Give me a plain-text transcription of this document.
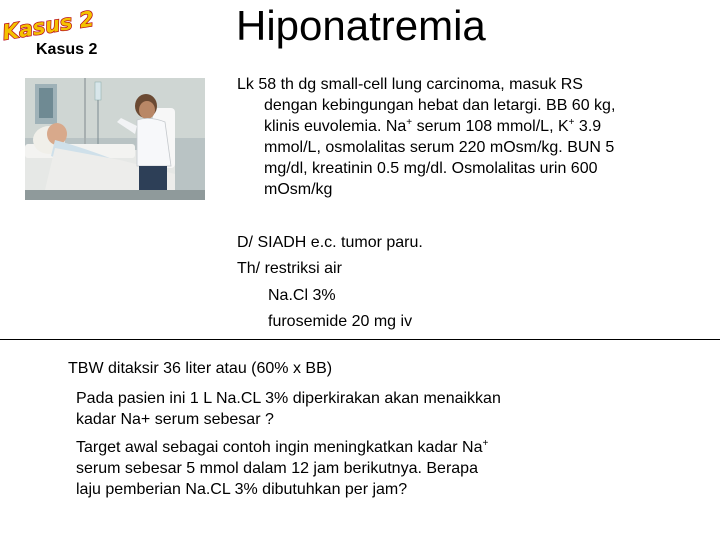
Kasus 2
Kasus 2
Hiponatremia
Lk 58 th dg small-cell lung carcinoma, masuk RS
dengan kebingungan hebat dan letargi. BB 60 kg,
klinis euvolemia. Na+ serum 108 mmol/L, K+ 3.9
mmol/L, osmolalitas serum 220 mOsm/kg. BUN 5
mg/dl, kreatinin 0.5 mg/dl. Osmolalitas urin 600
mOsm/kg
D/ SIADH e.c. tumor paru.
Th/ restriksi air
Na.Cl 3%
furosemide 20 mg iv
TBW ditaksir 36 liter atau (60% x BB)
Pada pasien ini 1 L Na.CL 3% diperkirakan akan menaikkan
kadar Na+ serum sebesar ?
Target awal sebagai contoh ingin meningkatkan kadar Na+
serum sebesar 5 mmol dalam 12 jam berikutnya. Berapa
laju pemberian Na.CL 3% dibutuhkan per jam?
